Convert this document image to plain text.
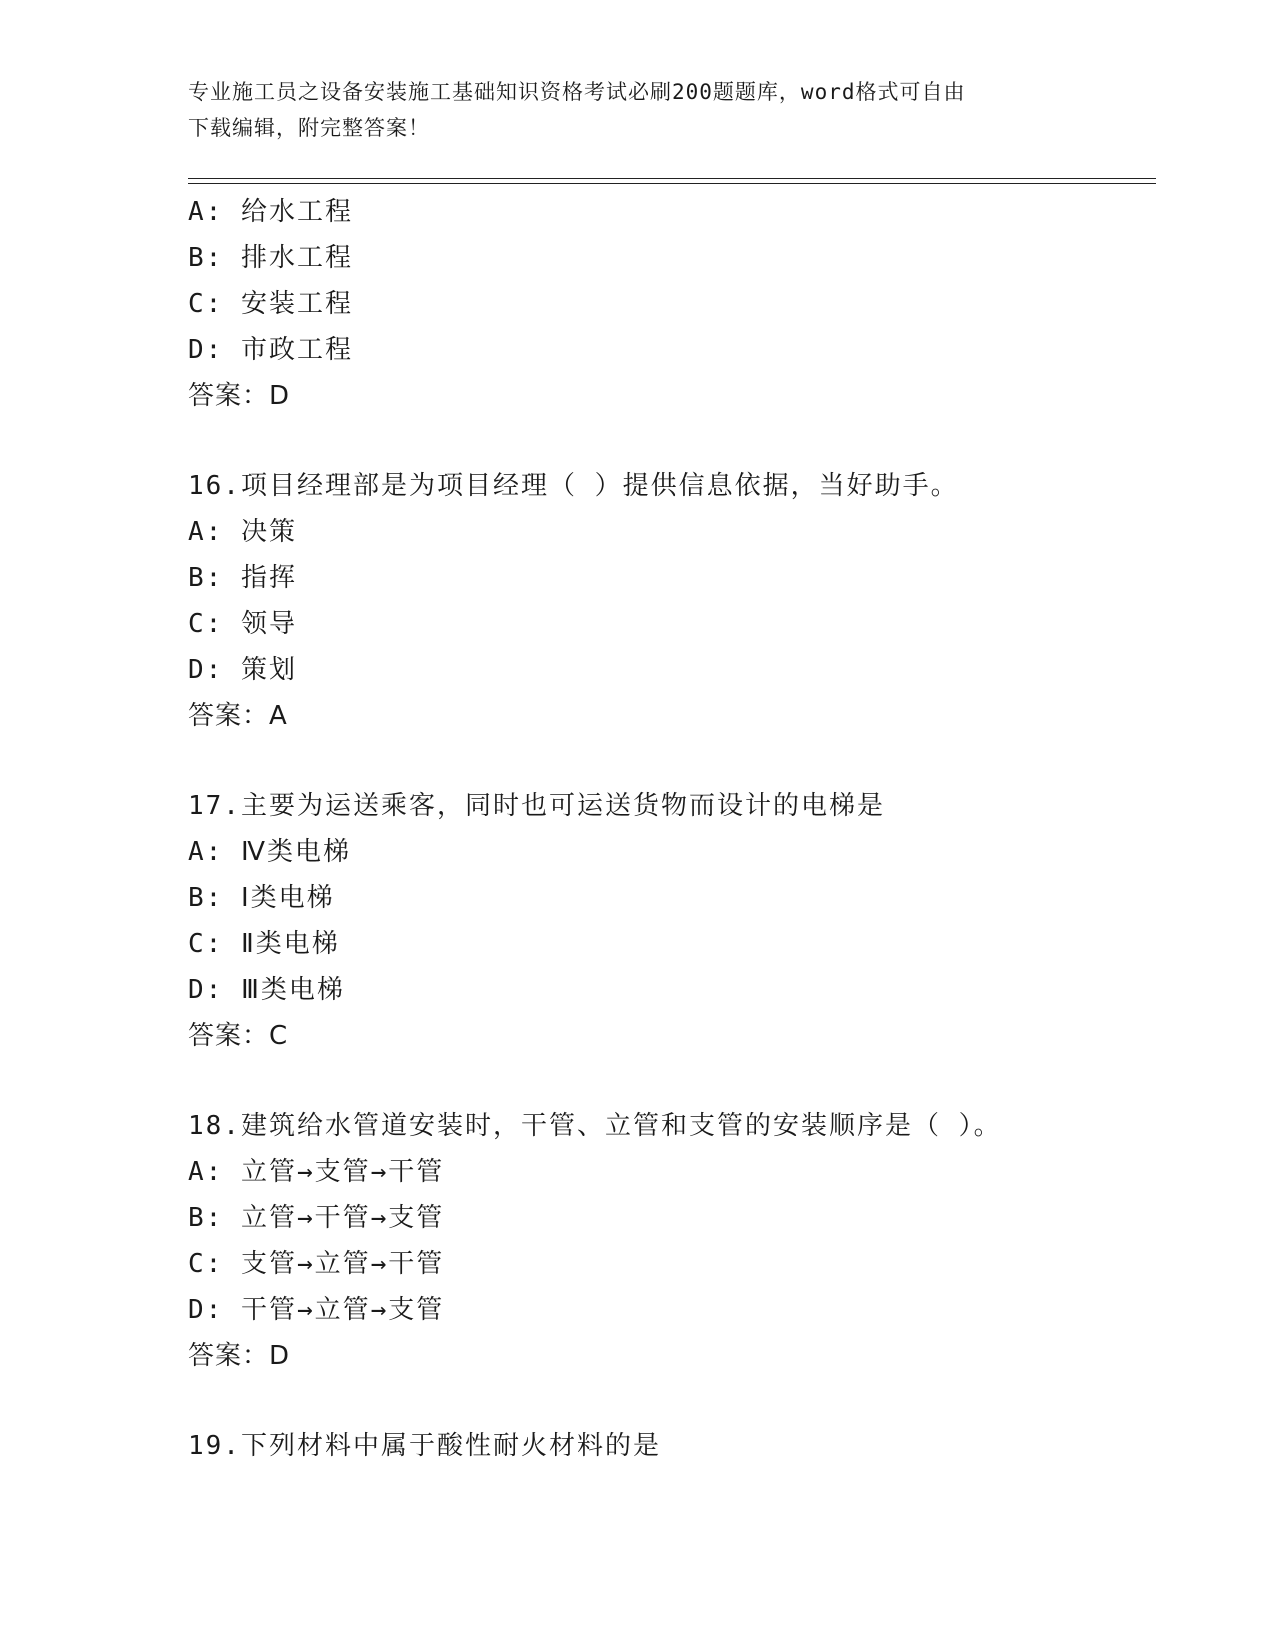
专业施工员之设备安装施工基础知识资格考试必刷200题题库，word格式可自由
下载编辑，附完整答案！
A: 给水工程
B: 排水工程
C: 安装工程
D: 市政工程
答案：D
16.项目经理部是为项目经理（ ）提供信息依据，当好助手。
A: 决策
B: 指挥
C: 领导
D: 策划
答案：A
17.主要为运送乘客，同时也可运送货物而设计的电梯是
A: Ⅳ类电梯
B: Ⅰ类电梯
C: Ⅱ类电梯
D: Ⅲ类电梯
答案：C
18.建筑给水管道安装时，干管、立管和支管的安装顺序是（ ）。
A: 立管→支管→干管
B: 立管→干管→支管
C: 支管→立管→干管
D: 干管→立管→支管
答案：D
19.下列材料中属于酸性耐火材料的是
